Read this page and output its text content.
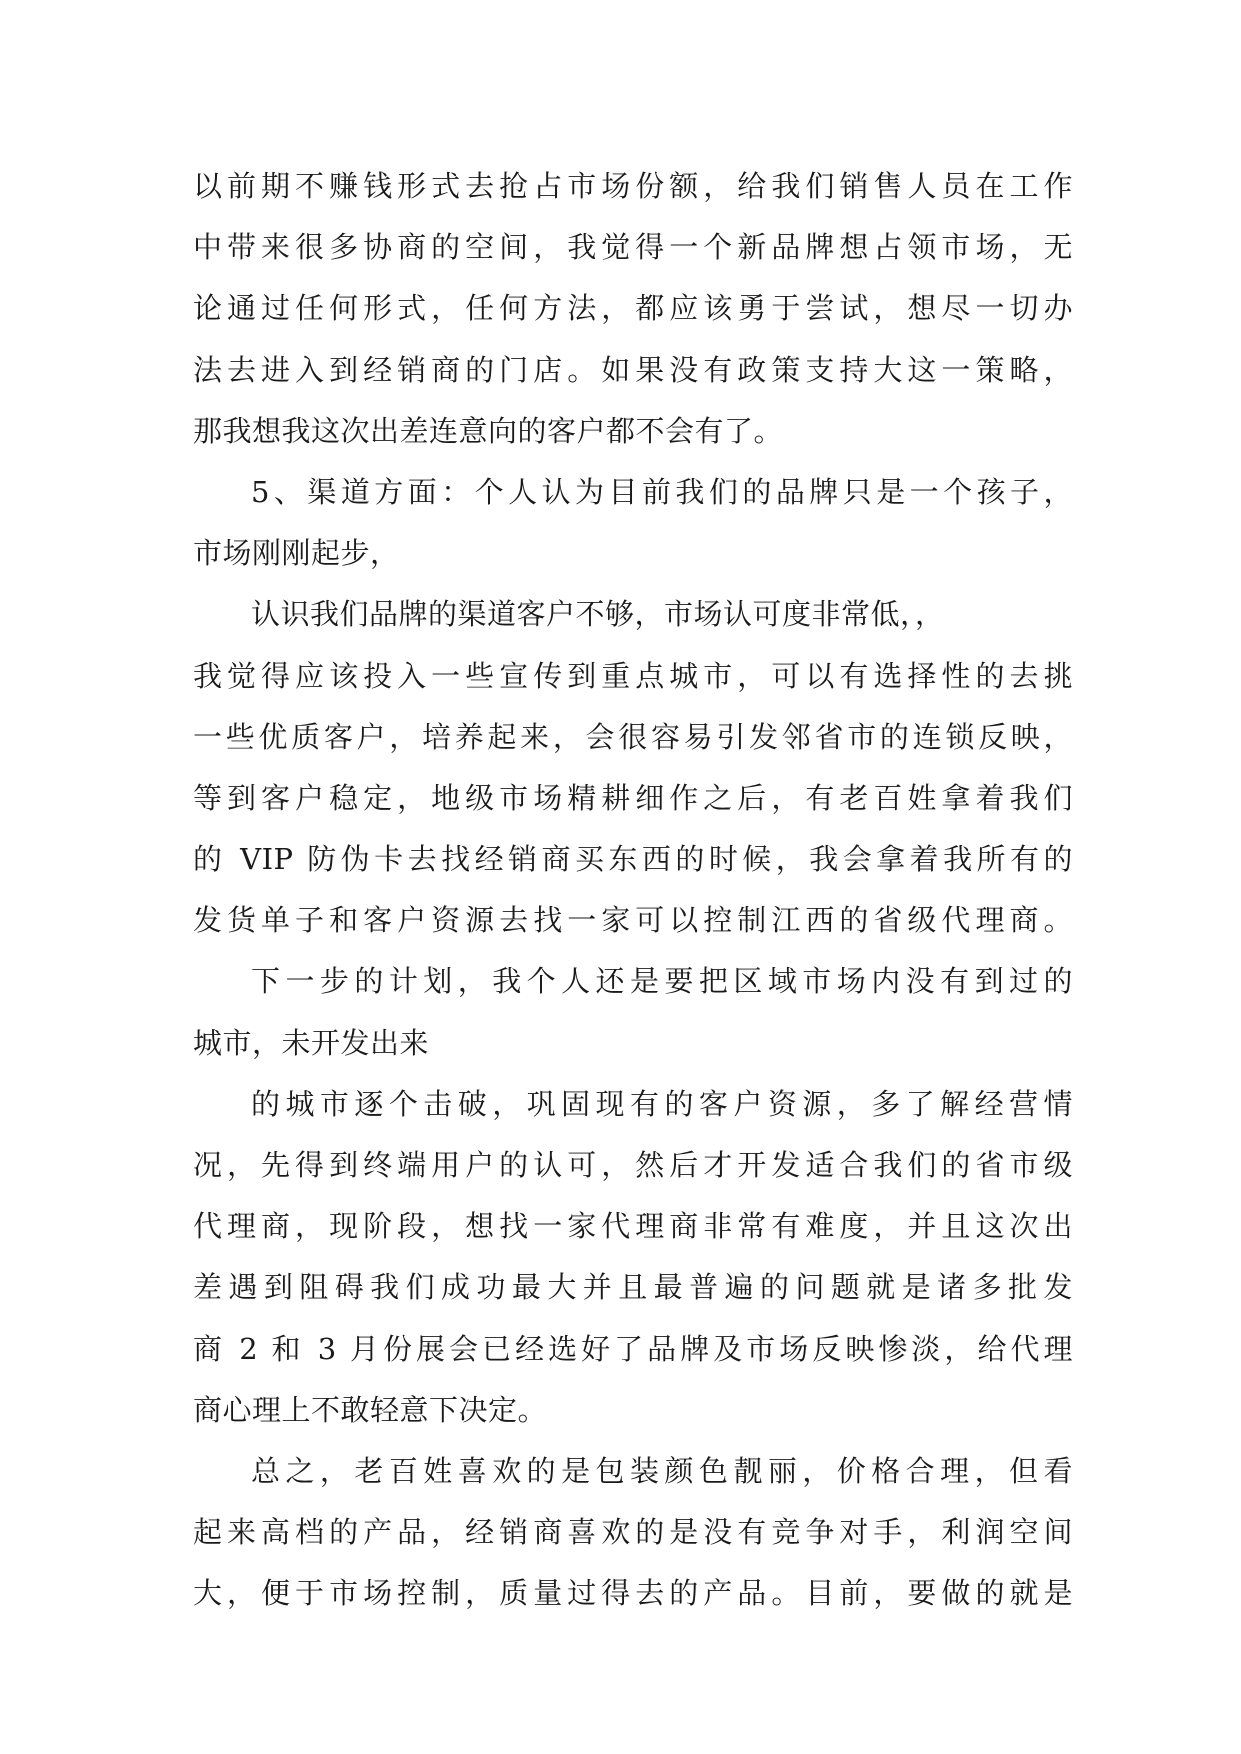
以前期不赚钱形式去抢占市场份额，给我们销售人员在工作
中带来很多协商的空间，我觉得一个新品牌想占领市场，无
论通过任何形式，任何方法，都应该勇于尝试，想尽一切办
法去进入到经销商的门店。如果没有政策支持大这一策略，
那我想我这次出差连意向的客户都不会有了。
5、渠道方面：个人认为目前我们的品牌只是一个孩子，
市场刚刚起步，
认识我们品牌的渠道客户不够，市场认可度非常低，，
我觉得应该投入一些宣传到重点城市，可以有选择性的去挑
一些优质客户，培养起来，会很容易引发邻省市的连锁反映，
等到客户稳定，地级市场精耕细作之后，有老百姓拿着我们
的 VIP 防伪卡去找经销商买东西的时候，我会拿着我所有的
发货单子和客户资源去找一家可以控制江西的省级代理商。
下一步的计划，我个人还是要把区域市场内没有到过的
城市，未开发出来
的城市逐个击破，巩固现有的客户资源，多了解经营情
况，先得到终端用户的认可，然后才开发适合我们的省市级
代理商，现阶段，想找一家代理商非常有难度，并且这次出
差遇到阻碍我们成功最大并且最普遍的问题就是诸多批发
商 2 和 3 月份展会已经选好了品牌及市场反映惨淡，给代理
商心理上不敢轻意下决定。
总之，老百姓喜欢的是包装颜色靓丽，价格合理，但看
起来高档的产品，经销商喜欢的是没有竞争对手，利润空间
大，便于市场控制，质量过得去的产品。目前，要做的就是
